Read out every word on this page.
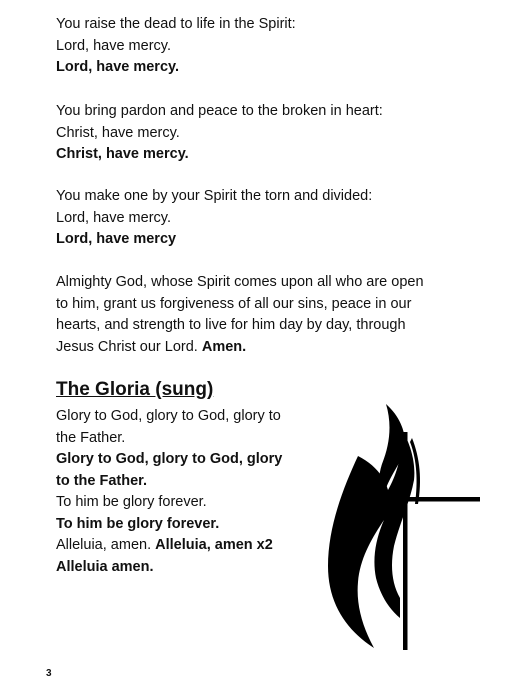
You raise the dead to life in the Spirit:
Lord, have mercy.
Lord, have mercy.
You bring pardon and peace to the broken in heart:
Christ, have mercy.
Christ, have mercy.
You make one by your Spirit the torn and divided:
Lord, have mercy.
Lord, have mercy
Almighty God, whose Spirit comes upon all who are open
to him, grant us forgiveness of all our sins, peace in our
hearts, and strength to live for him day by day, through
Jesus Christ our Lord. Amen.
The Gloria (sung)
Glory to God, glory to God, glory to
the Father.
Glory to God, glory to God, glory
to the Father.
To him be glory forever.
To him be glory forever.
Alleluia, amen. Alleluia, amen x2
Alleluia amen.
3
